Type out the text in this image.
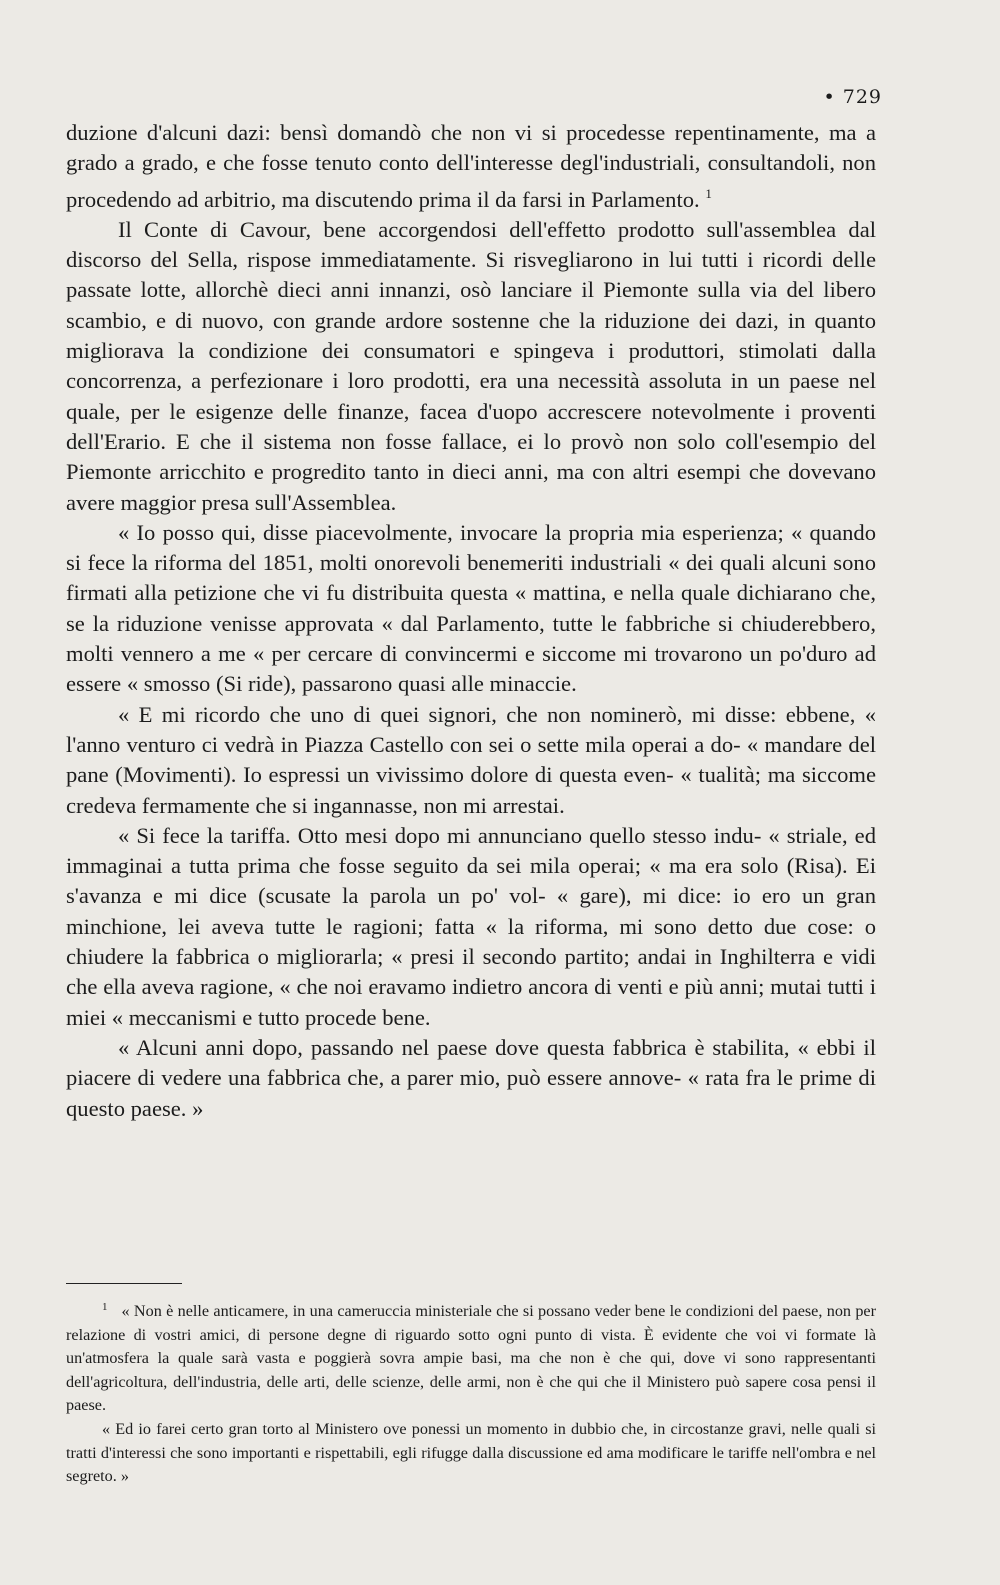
• 729

duzione d'alcuni dazi: bensì domandò che non vi si procedesse repentinamente, ma a grado a grado, e che fosse tenuto conto dell'interesse degl'industriali, consultandoli, non procedendo ad arbitrio, ma discutendo prima il da farsi in Parlamento. $^1$

Il Conte di Cavour, bene accorgendosi dell'effetto prodotto sull'assemblea dal discorso del Sella, rispose immediatamente. Si risvegliarono in lui tutti i ricordi delle passate lotte, allorchè dieci anni innanzi, osò lanciare il Piemonte sulla via del libero scambio, e di nuovo, con grande ardore sostenne che la riduzione dei dazi, in quanto migliorava la condizione dei consumatori e spingeva i produttori, stimolati dalla concorrenza, a perfezionare i loro prodotti, era una necessità assoluta in un paese nel quale, per le esigenze delle finanze, facea d'uopo accrescere notevolmente i proventi dell'Erario. E che il sistema non fosse fallace, ei lo provò non solo coll'esempio del Piemonte arricchito e progredito tanto in dieci anni, ma con altri esempi che dovevano avere maggior presa sull'Assemblea.

« Io posso qui, disse piacevolmente, invocare la propria mia esperienza; « quando si fece la riforma del 1851, molti onorevoli benemeriti industriali « dei quali alcuni sono firmati alla petizione che vi fu distribuita questa « mattina, e nella quale dichiarano che, se la riduzione venisse approvata « dal Parlamento, tutte le fabbriche si chiuderebbero, molti vennero a me « per cercare di convincermi e siccome mi trovarono un po'duro ad essere « smosso (Si ride), passarono quasi alle minaccie.

« E mi ricordo che uno di quei signori, che non nominerò, mi disse: ebbene, « l'anno venturo ci vedrà in Piazza Castello con sei o sette mila operai a do- « mandare del pane (Movimenti). Io espressi un vivissimo dolore di questa even- « tualità; ma siccome credeva fermamente che si ingannasse, non mi arrestai.

« Si fece la tariffa. Otto mesi dopo mi annunciano quello stesso indu- « striale, ed immaginai a tutta prima che fosse seguito da sei mila operai; « ma era solo (Risa). Ei s'avanza e mi dice (scusate la parola un po' vol- « gare), mi dice: io ero un gran minchione, lei aveva tutte le ragioni; fatta « la riforma, mi sono detto due cose: o chiudere la fabbrica o migliorarla; « presi il secondo partito; andai in Inghilterra e vidi che ella aveva ragione, « che noi eravamo indietro ancora di venti e più anni; mutai tutti i miei « meccanismi e tutto procede bene.

« Alcuni anni dopo, passando nel paese dove questa fabbrica è stabilita, « ebbi il piacere di vedere una fabbrica che, a parer mio, può essere annove- « rata fra le prime di questo paese. »

$^1$ « Non è nelle anticamere, in una cameruccia ministeriale che si possano veder bene le condizioni del paese, non per relazione di vostri amici, di persone degne di riguardo sotto ogni punto di vista. È evidente che voi vi formate là un'atmosfera la quale sarà vasta e poggierà sovra ampie basi, ma che non è che qui, dove vi sono rappresentanti dell'agricoltura, dell'industria, delle arti, delle scienze, delle armi, non è che qui che il Ministero può sapere cosa pensi il paese.

« Ed io farei certo gran torto al Ministero ove ponessi un momento in dubbio che, in circostanze gravi, nelle quali si tratti d'interessi che sono importanti e rispettabili, egli rifugge dalla discussione ed ama modificare le tariffe nell'ombra e nel segreto. »
